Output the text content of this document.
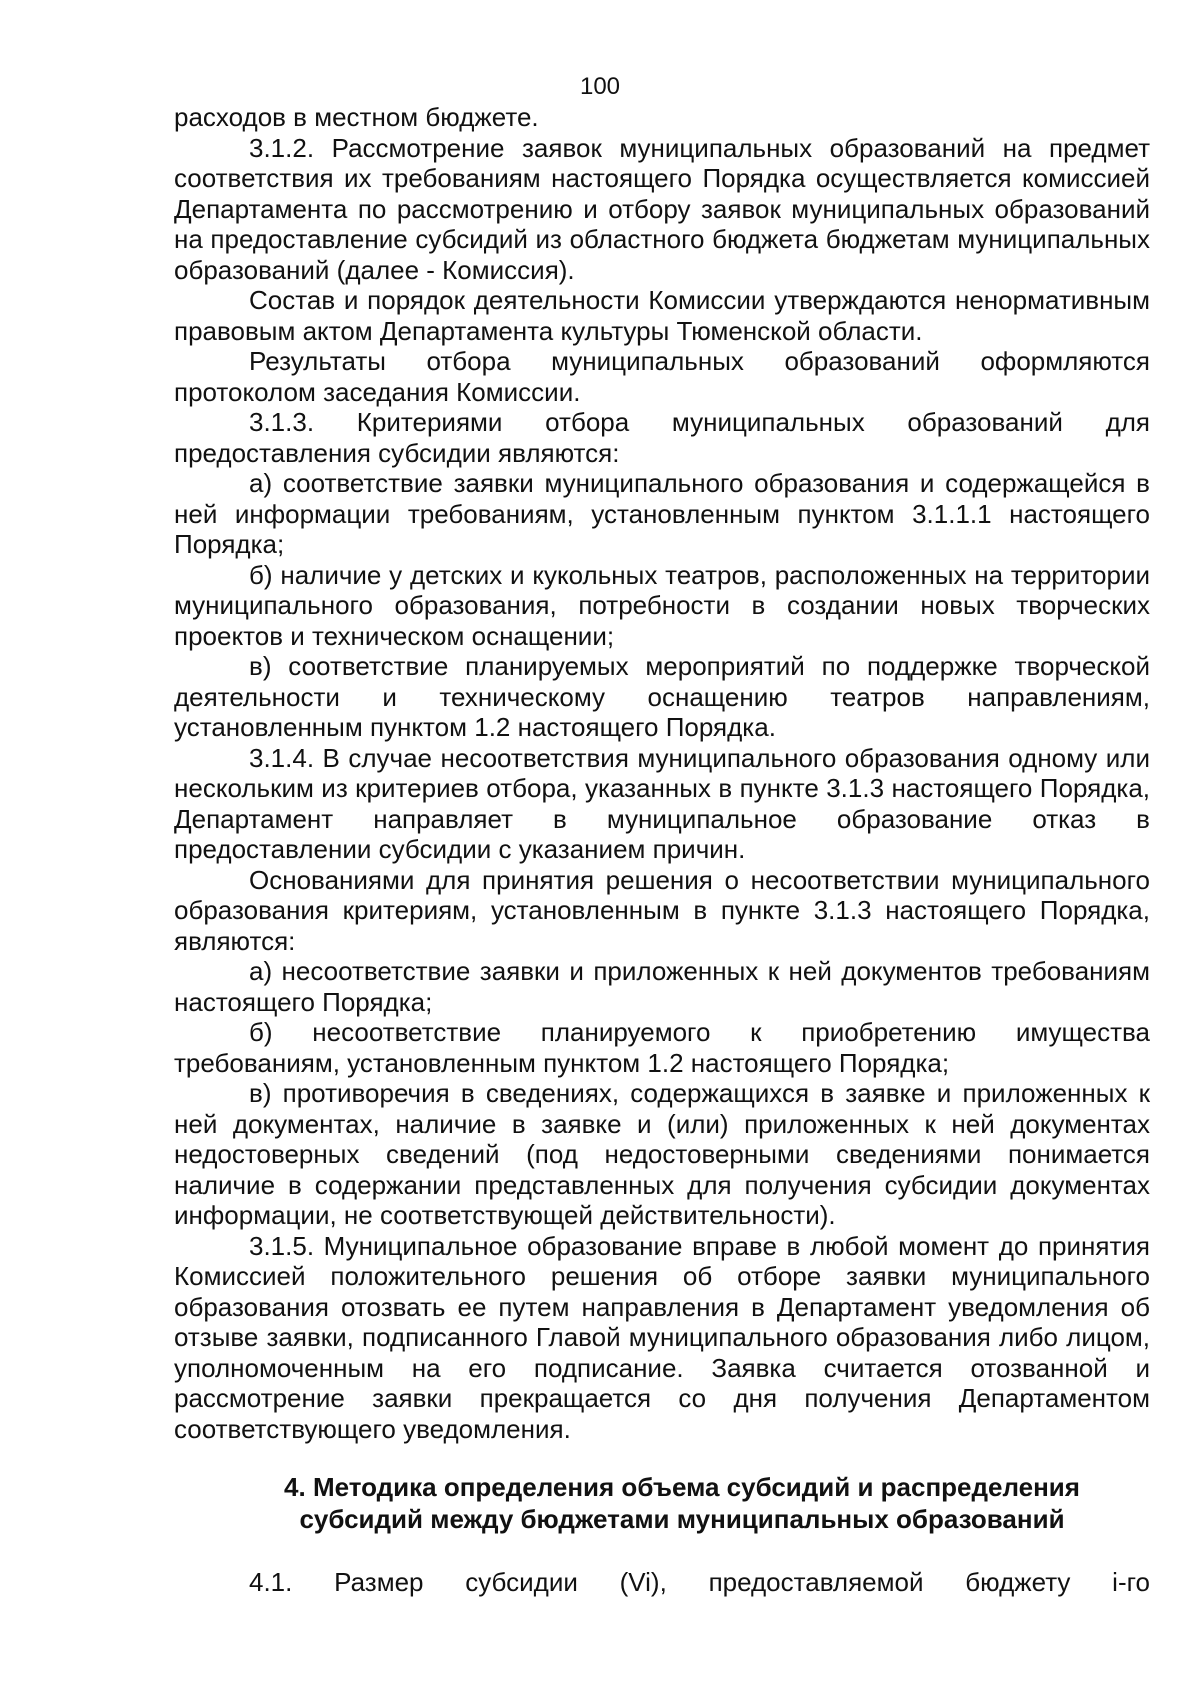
100

расходов в местном бюджете.

3.1.2. Рассмотрение заявок муниципальных образований на предмет соответствия их требованиям настоящего Порядка осуществляется комиссией Департамента по рассмотрению и отбору заявок муниципальных образований на предоставление субсидий из областного бюджета бюджетам муниципальных образований (далее - Комиссия).

Состав и порядок деятельности Комиссии утверждаются ненормативным правовым актом Департамента культуры Тюменской области.

Результаты отбора муниципальных образований оформляются протоколом заседания Комиссии.

3.1.3. Критериями отбора муниципальных образований для предоставления субсидии являются:

а) соответствие заявки муниципального образования и содержащейся в ней информации требованиям, установленным пунктом 3.1.1.1 настоящего Порядка;

б) наличие у детских и кукольных театров, расположенных на территории муниципального образования, потребности в создании новых творческих проектов и техническом оснащении;

в) соответствие планируемых мероприятий по поддержке творческой деятельности и техническому оснащению театров направлениям, установленным пунктом 1.2 настоящего Порядка.

3.1.4. В случае несоответствия муниципального образования одному или нескольким из критериев отбора, указанных в пункте 3.1.3 настоящего Порядка, Департамент направляет в муниципальное образование отказ в предоставлении субсидии с указанием причин.

Основаниями для принятия решения о несоответствии муниципального образования критериям, установленным в пункте 3.1.3 настоящего Порядка, являются:

а) несоответствие заявки и приложенных к ней документов требованиям настоящего Порядка;

б) несоответствие планируемого к приобретению имущества требованиям, установленным пунктом 1.2 настоящего Порядка;

в) противоречия в сведениях, содержащихся в заявке и приложенных к ней документах, наличие в заявке и (или) приложенных к ней документах недостоверных сведений (под недостоверными сведениями понимается наличие в содержании представленных для получения субсидии документах информации, не соответствующей действительности).

3.1.5. Муниципальное образование вправе в любой момент до принятия Комиссией положительного решения об отборе заявки муниципального образования отозвать ее путем направления в Департамент уведомления об отзыве заявки, подписанного Главой муниципального образования либо лицом, уполномоченным на его подписание. Заявка считается отозванной и рассмотрение заявки прекращается со дня получения Департаментом соответствующего уведомления.

4. Методика определения объема субсидий и распределения
субсидий между бюджетами муниципальных образований

4.1. Размер субсидии (Vi), предоставляемой бюджету i-го
